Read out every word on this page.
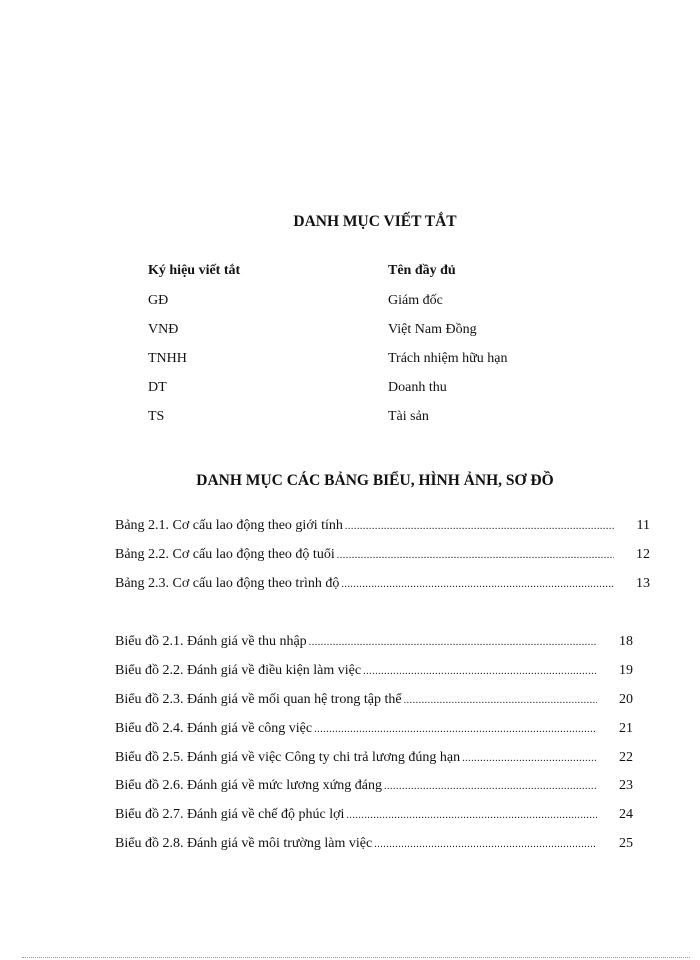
DANH MỤC VIẾT TẮT
Ký hiệu viết tắt	Tên đầy đủ
GĐ	Giám đốc
VNĐ	Việt Nam Đồng
TNHH	Trách nhiệm hữu hạn
DT	Doanh thu
TS	Tài sản
DANH MỤC CÁC BẢNG BIỂU, HÌNH ẢNH, SƠ ĐỒ
Bảng 2.1. Cơ cấu lao động theo giới tính .....	11
Bảng 2.2. Cơ cấu lao động theo độ tuổi .....	12
Bảng 2.3. Cơ cấu lao động theo trình độ .....	13
Biểu đồ 2.1. Đánh giá về thu nhập .....	18
Biểu đồ 2.2. Đánh giá về điều kiện làm việc .....	19
Biểu đồ 2.3. Đánh giá về mối quan hệ trong tập thể .....	20
Biểu đồ 2.4. Đánh giá về công việc .....	21
Biểu đồ 2.5. Đánh giá về việc Công ty chi trả lương đúng hạn .....	22
Biểu đồ 2.6. Đánh giá về mức lương xứng đáng .....	23
Biểu đồ 2.7. Đánh giá về chế độ phúc lợi .....	24
Biểu đồ 2.8. Đánh giá về môi trường làm việc .....	25
